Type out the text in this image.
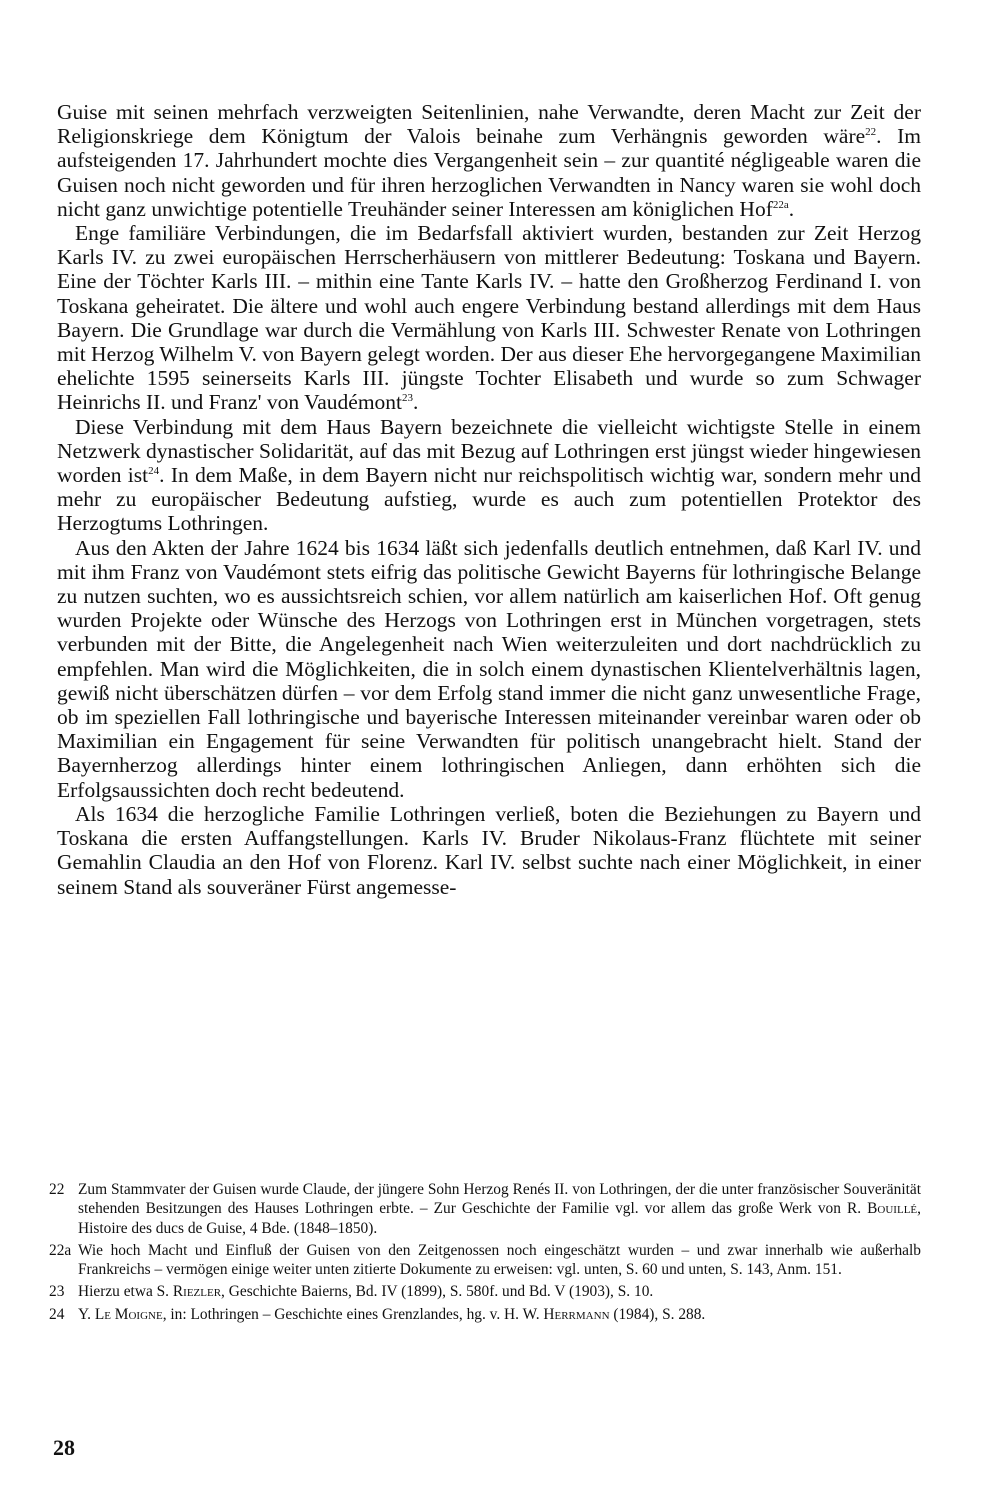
Guise mit seinen mehrfach verzweigten Seitenlinien, nahe Verwandte, deren Macht zur Zeit der Religionskriege dem Königtum der Valois beinahe zum Verhängnis geworden wäre$^{22}$. Im aufsteigenden 17. Jahrhundert mochte dies Vergangenheit sein – zur quantité négligeable waren die Guisen noch nicht geworden und für ihren herzoglichen Verwandten in Nancy waren sie wohl doch nicht ganz unwichtige potentielle Treuhänder seiner Interessen am königlichen Hof$^{22a}$.

Enge familiäre Verbindungen, die im Bedarfsfall aktiviert wurden, bestanden zur Zeit Herzog Karls IV. zu zwei europäischen Herrscherhäusern von mittlerer Bedeutung: Toskana und Bayern. Eine der Töchter Karls III. – mithin eine Tante Karls IV. – hatte den Großherzog Ferdinand I. von Toskana geheiratet. Die ältere und wohl auch engere Verbindung bestand allerdings mit dem Haus Bayern. Die Grundlage war durch die Vermählung von Karls III. Schwester Renate von Lothringen mit Herzog Wilhelm V. von Bayern gelegt worden. Der aus dieser Ehe hervorgegangene Maximilian ehelichte 1595 seinerseits Karls III. jüngste Tochter Elisabeth und wurde so zum Schwager Heinrichs II. und Franz' von Vaudémont$^{23}$.

Diese Verbindung mit dem Haus Bayern bezeichnete die vielleicht wichtigste Stelle in einem Netzwerk dynastischer Solidarität, auf das mit Bezug auf Lothringen erst jüngst wieder hingewiesen worden ist$^{24}$. In dem Maße, in dem Bayern nicht nur reichspolitisch wichtig war, sondern mehr und mehr zu europäischer Bedeutung aufstieg, wurde es auch zum potentiellen Protektor des Herzogtums Lothringen.

Aus den Akten der Jahre 1624 bis 1634 läßt sich jedenfalls deutlich entnehmen, daß Karl IV. und mit ihm Franz von Vaudémont stets eifrig das politische Gewicht Bayerns für lothringische Belange zu nutzen suchten, wo es aussichtsreich schien, vor allem natürlich am kaiserlichen Hof. Oft genug wurden Projekte oder Wünsche des Herzogs von Lothringen erst in München vorgetragen, stets verbunden mit der Bitte, die Angelegenheit nach Wien weiterzuleiten und dort nachdrücklich zu empfehlen. Man wird die Möglichkeiten, die in solch einem dynastischen Klientelverhältnis lagen, gewiß nicht überschätzen dürfen – vor dem Erfolg stand immer die nicht ganz unwesentliche Frage, ob im speziellen Fall lothringische und bayerische Interessen miteinander vereinbar waren oder ob Maximilian ein Engagement für seine Verwandten für politisch unangebracht hielt. Stand der Bayernherzog allerdings hinter einem lothringischen Anliegen, dann erhöhten sich die Erfolgsaussichten doch recht bedeutend.

Als 1634 die herzogliche Familie Lothringen verließ, boten die Beziehungen zu Bayern und Toskana die ersten Auffangstellungen. Karls IV. Bruder Nikolaus-Franz flüchtete mit seiner Gemahlin Claudia an den Hof von Florenz. Karl IV. selbst suchte nach einer Möglichkeit, in einer seinem Stand als souveräner Fürst angemesse-

22 Zum Stammvater der Guisen wurde Claude, der jüngere Sohn Herzog Renés II. von Lothringen, der die unter französischer Souveränität stehenden Besitzungen des Hauses Lothringen erbte. – Zur Geschichte der Familie vgl. vor allem das große Werk von R. Bouillé, Histoire des ducs de Guise, 4 Bde. (1848–1850).
22a Wie hoch Macht und Einfluß der Guisen von den Zeitgenossen noch eingeschätzt wurden – und zwar innerhalb wie außerhalb Frankreichs – vermögen einige weiter unten zitierte Dokumente zu erweisen: vgl. unten, S. 60 und unten, S. 143, Anm. 151.
23 Hierzu etwa S. Riezler, Geschichte Baierns, Bd. IV (1899), S. 580f. und Bd. V (1903), S. 10.
24 Y. Le Moigne, in: Lothringen – Geschichte eines Grenzlandes, hg. v. H. W. Herrmann (1984), S. 288.
28
